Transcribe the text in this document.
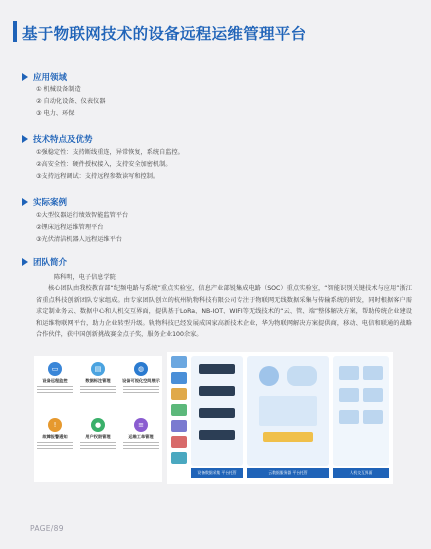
基于物联网技术的设备远程运维管理平台
应用领域
① 机械设备制造
② 自动化设备、仪表仪器
③ 电力、环保
技术特点及优势
①强稳定性：支持断线重连，异常恢复，系统自监控。
②高安全性：硬件授权接入，支持安全加密机制。
③支持远程调试：支持远程参数读写和控制。
实际案例
①大型仪器运行绩效智能监管平台
②锂床远程运维管理平台
③光伏清洁机器人远程运维平台
团队简介

陈科明，电子信息学院

核心团队由我校教育部“纪频电路与系统”重点实验室，信息产业部锐集成电路（SOC）重点实验室，“智能识别关键技术与应用”浙江省重点科技创新团队专家组成。由专家团队创立的杭州轨物科技有限公司专注于物联网无线数据采集与传输系统的研发，同时根据客户需求定制业务云、数据中心和人机交互界面，提供基于LoRa、NB-IOT、WIFI等无线技术的“云、管、端”整体解决方案，帮助传统企业建设和运维物联网平台，助力企业转型升级。轨物科技已经发展成国家高新技术企业，华为物联网解决方案提供商，移动、电信和联通的战略合作伙伴，获中国创新挑战赛金点子奖，服务企业100余家。

▭
设备远程监控
▤
数据标注管理
◍
设备可视化空间展示
!
故障报警通知
●
用户权限管理
≡
运维工单管理
设备数据采集 平台托管	云数据服务器 平台托管	人机交互界面
PAGE/89
